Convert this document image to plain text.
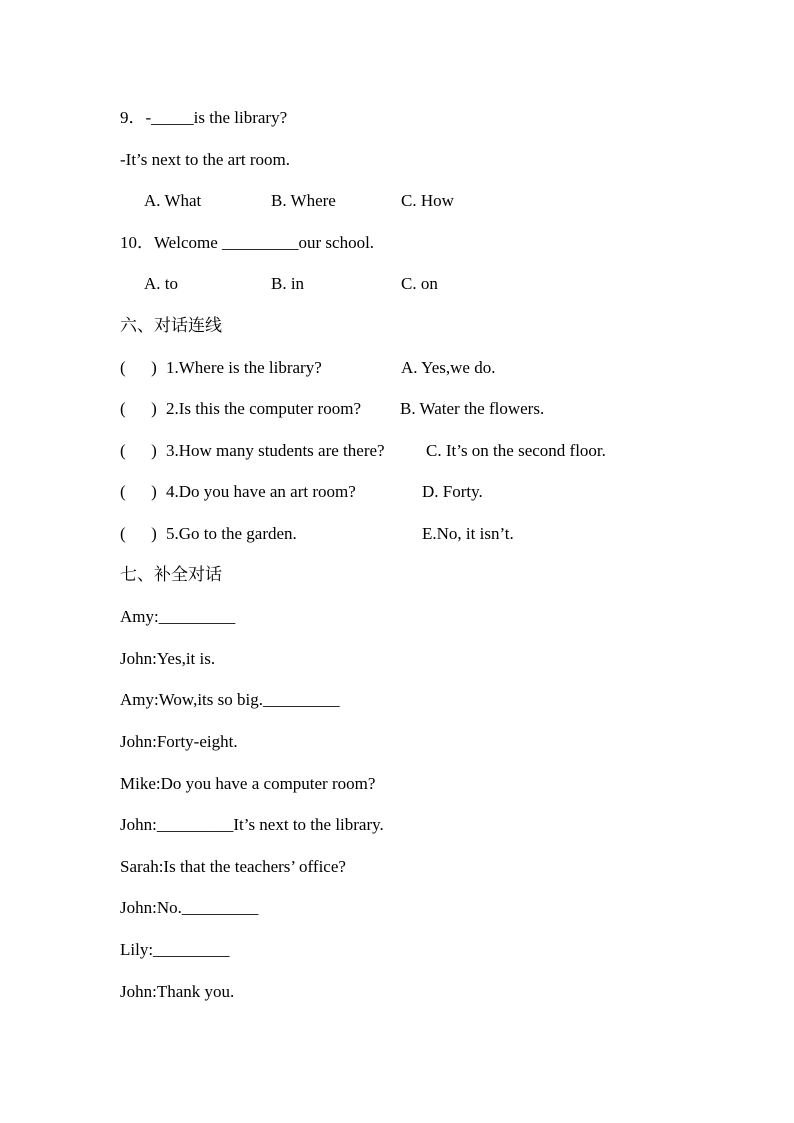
9．-_____is the library?
-It’s next to the art room.
A. What	B. Where	C. How
10．Welcome _________our school.
A. to	B. in	C. on
六、对话连线
(      ) 1.Where is the library?	A. Yes,we do.
(      ) 2.Is this the computer room? B. Water the flowers.
(      ) 3.How many students are there? C. It’s on the second floor.
(      ) 4.Do you have an art room?	D. Forty.
(      ) 5.Go to the garden.	E.No, it isn’t.
七、补全对话
Amy:_________
John:Yes,it is.
Amy:Wow,its so big._________
John:Forty-eight.
Mike:Do you have a computer room?
John:_________It’s next to the library.
Sarah:Is that the teachers’ office?
John:No._________
Lily:_________
John:Thank you.
